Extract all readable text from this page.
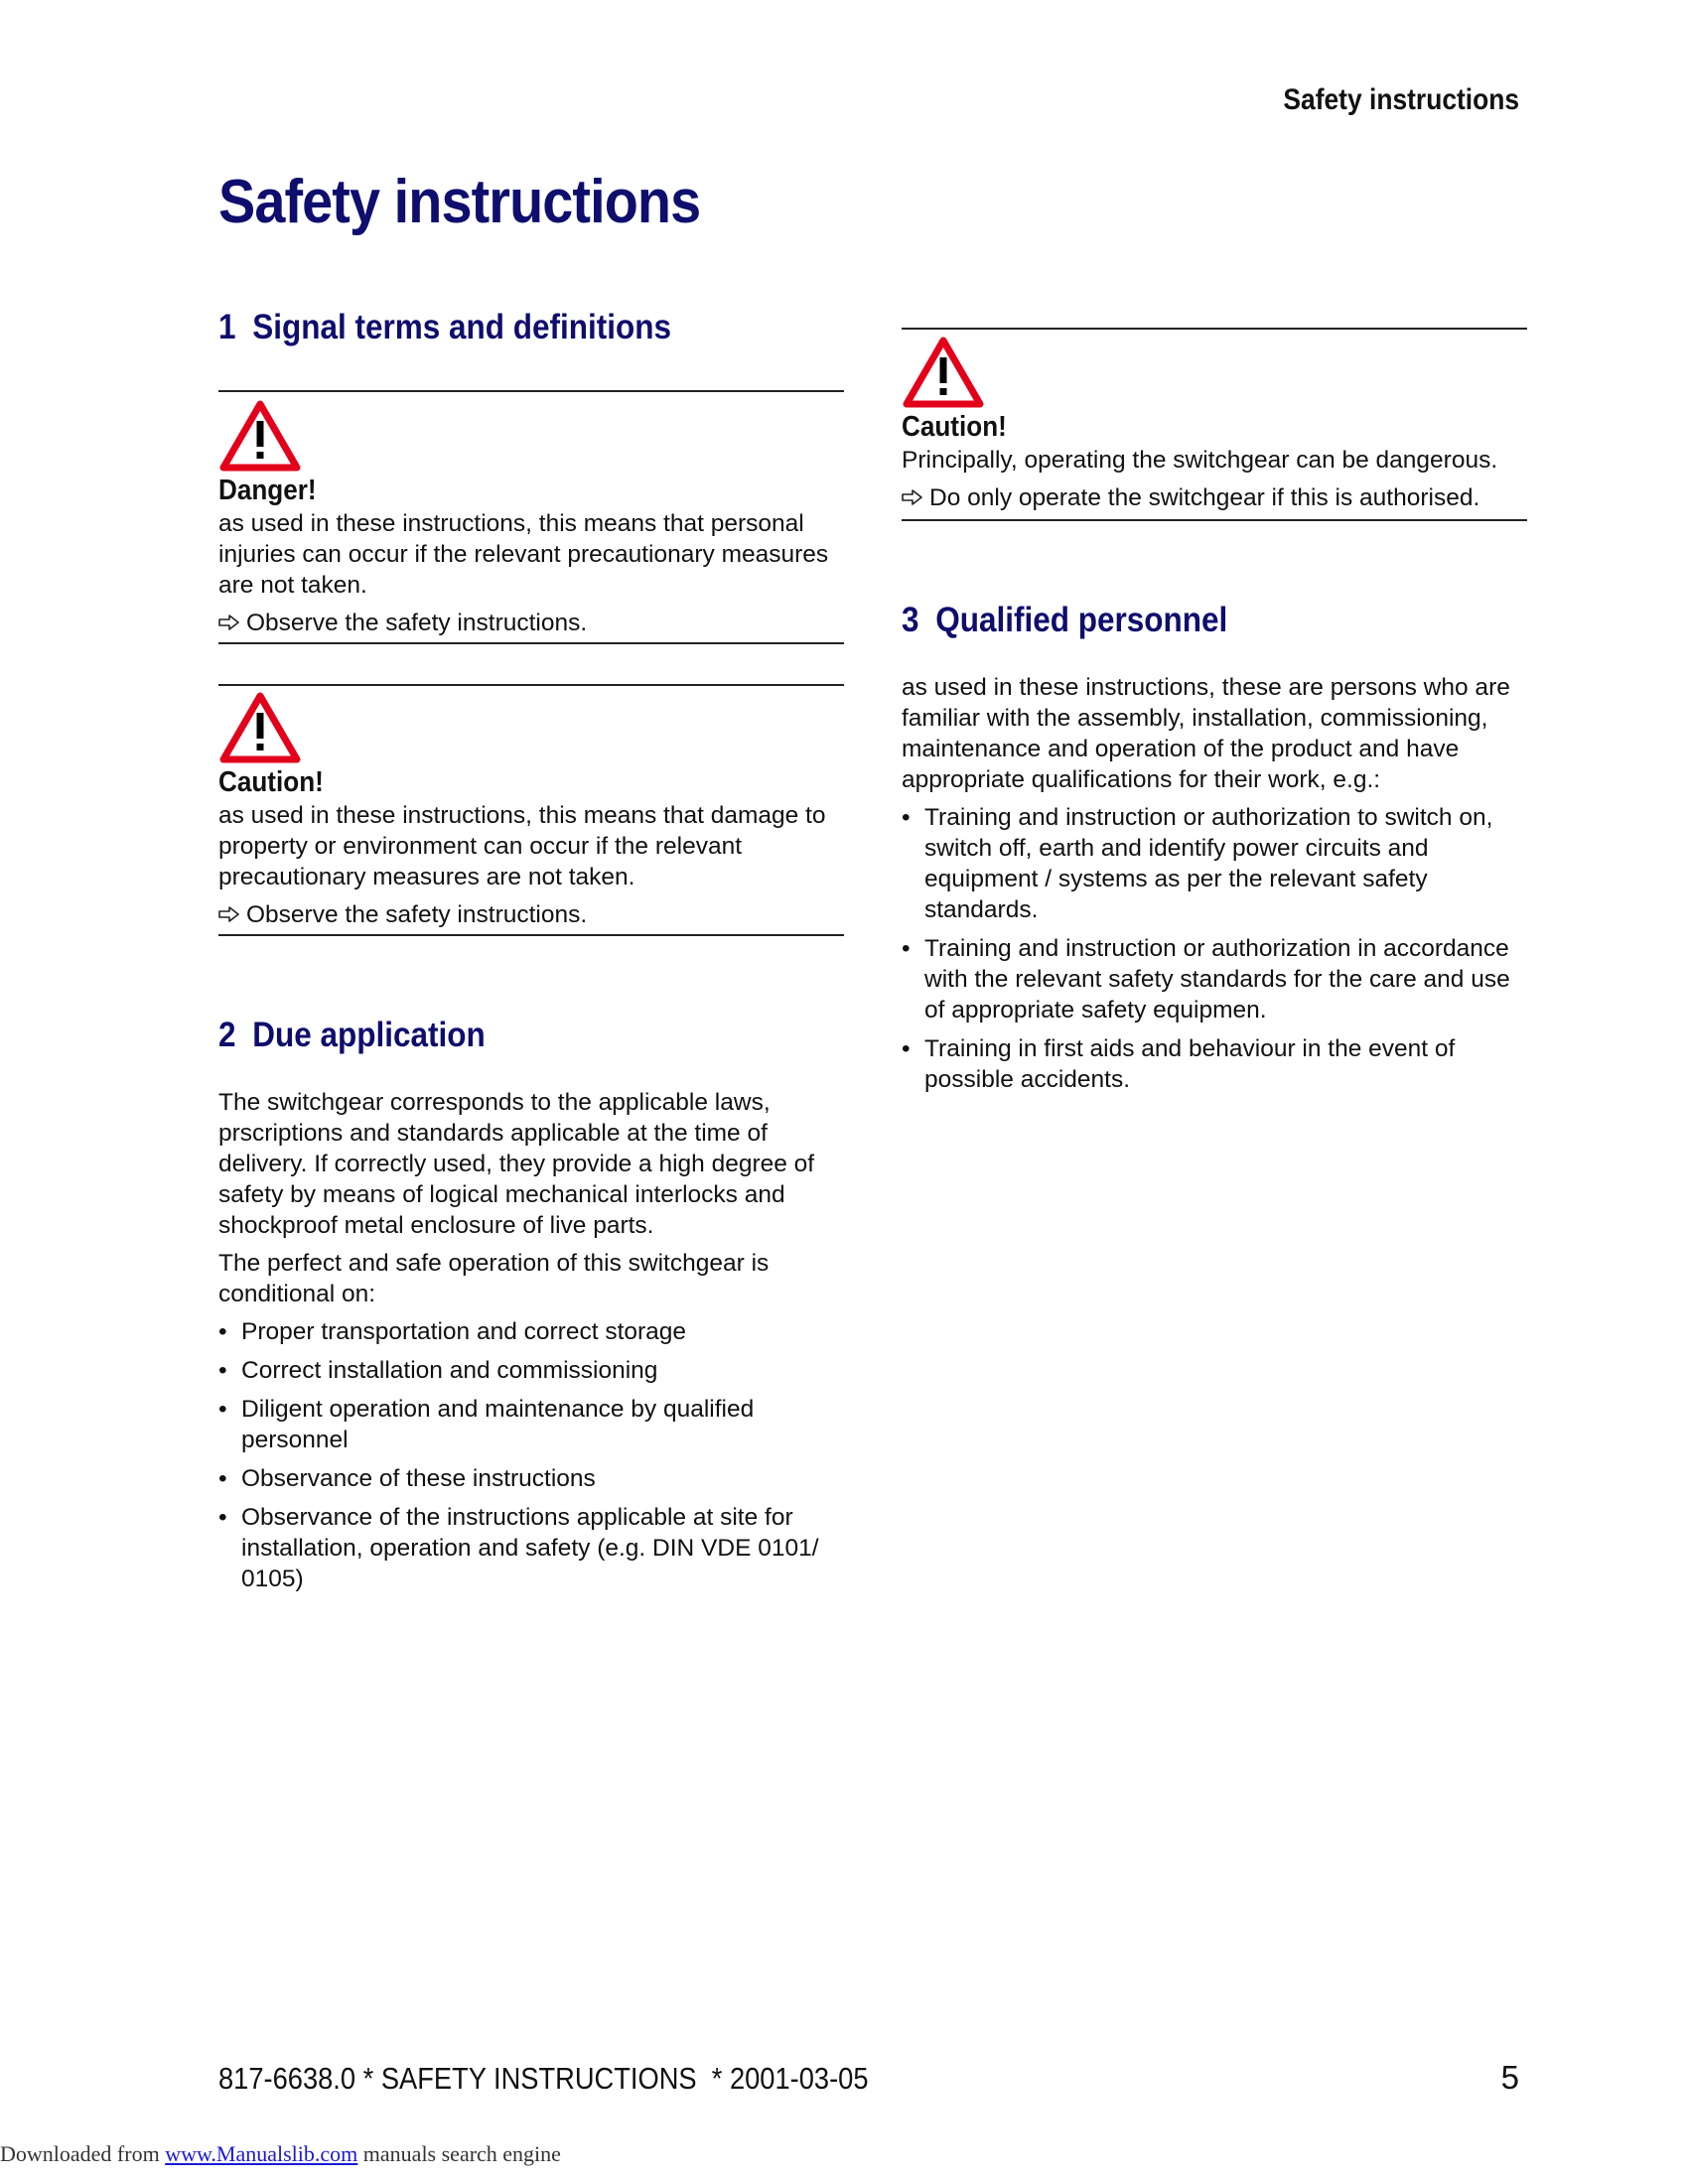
Safety instructions
Safety instructions
1 Signal terms and definitions
Danger!

as used in these instructions, this means that personal injuries can occur if the relevant precautionary measures are not taken.

Observe the safety instructions.

Caution!

as used in these instructions, this means that damage to property or environment can occur if the relevant precautionary measures are not taken.

Observe the safety instructions.

2 Due application

The switchgear corresponds to the applicable laws, prscriptions and standards applicable at the time of delivery. If correctly used, they provide a high degree of safety by means of logical mechanical interlocks and shockproof metal enclosure of live parts.

The perfect and safe operation of this switchgear is conditional on:

• Proper transportation and correct storage
• Correct installation and commissioning
• Diligent operation and maintenance by qualified personnel
• Observance of these instructions
• Observance of the instructions applicable at site for installation, operation and safety (e.g. DIN VDE 0101/ 0105)
Caution!

Principally, operating the switchgear can be dangerous.

Do only operate the switchgear if this is authorised.

3 Qualified personnel

as used in these instructions, these are persons who are familiar with the assembly, installation, commissioning, maintenance and operation of the product and have appropriate qualifications for their work, e.g.:

• Training and instruction or authorization to switch on, switch off, earth and identify power circuits and equipment / systems as per the relevant safety standards.
• Training and instruction or authorization in accordance with the relevant safety standards for the care and use of appropriate safety equipmen.
• Training in first aids and behaviour in the event of possible accidents.
817-6638.0 * SAFETY INSTRUCTIONS  * 2001-03-05	5
Downloaded from www.Manualslib.com manuals search engine
